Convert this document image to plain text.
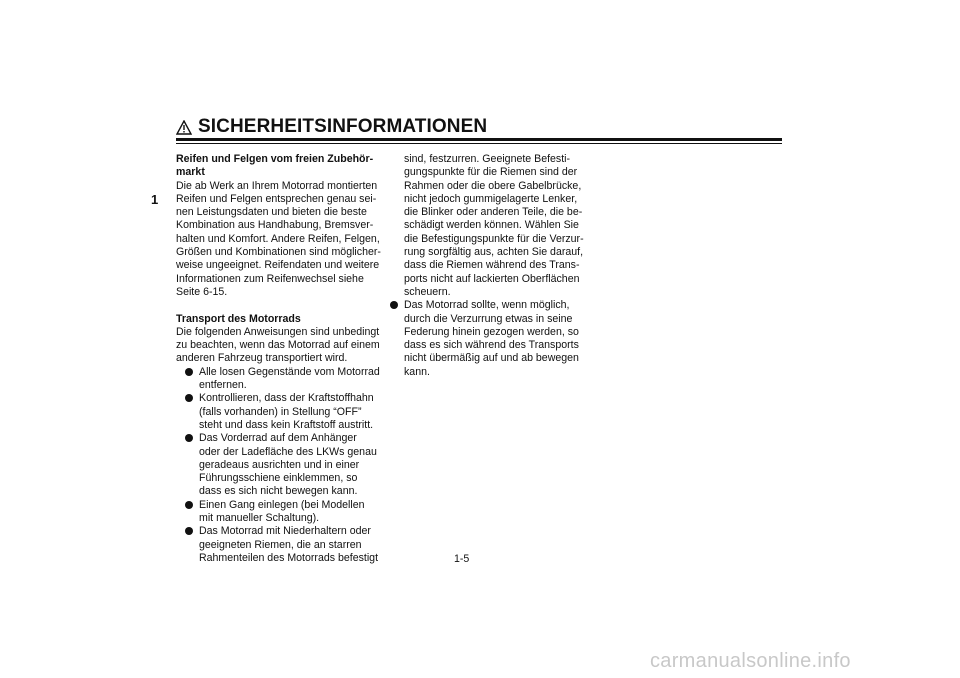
SICHERHEITSINFORMATIONEN
1
Reifen und Felgen vom freien Zubehör-
markt
Die ab Werk an Ihrem Motorrad montierten
Reifen und Felgen entsprechen genau sei-
nen Leistungsdaten und bieten die beste
Kombination aus Handhabung, Bremsver-
halten und Komfort. Andere Reifen, Felgen,
Größen und Kombinationen sind möglicher-
weise ungeeignet. Reifendaten und weitere
Informationen zum Reifenwechsel siehe
Seite 6-15.
Transport des Motorrads
Die folgenden Anweisungen sind unbedingt
zu beachten, wenn das Motorrad auf einem
anderen Fahrzeug transportiert wird.
Alle losen Gegenstände vom Motorrad
entfernen.
Kontrollieren, dass der Kraftstoffhahn
(falls vorhanden) in Stellung “OFF”
steht und dass kein Kraftstoff austritt.
Das Vorderrad auf dem Anhänger
oder der Ladefläche des LKWs genau
geradeaus ausrichten und in einer
Führungsschiene einklemmen, so
dass es sich nicht bewegen kann.
Einen Gang einlegen (bei Modellen
mit manueller Schaltung).
Das Motorrad mit Niederhaltern oder
geeigneten Riemen, die an starren
Rahmenteilen des Motorrads befestigt
sind, festzurren. Geeignete Befesti-
gungspunkte für die Riemen sind der
Rahmen oder die obere Gabelbrücke,
nicht jedoch gummigelagerte Lenker,
die Blinker oder anderen Teile, die be-
schädigt werden können. Wählen Sie
die Befestigungspunkte für die Verzur-
rung sorgfältig aus, achten Sie darauf,
dass die Riemen während des Trans-
ports nicht auf lackierten Oberflächen
scheuern.
Das Motorrad sollte, wenn möglich,
durch die Verzurrung etwas in seine
Federung hinein gezogen werden, so
dass es sich während des Transports
nicht übermäßig auf und ab bewegen
kann.
1-5
carmanualsonline.info
